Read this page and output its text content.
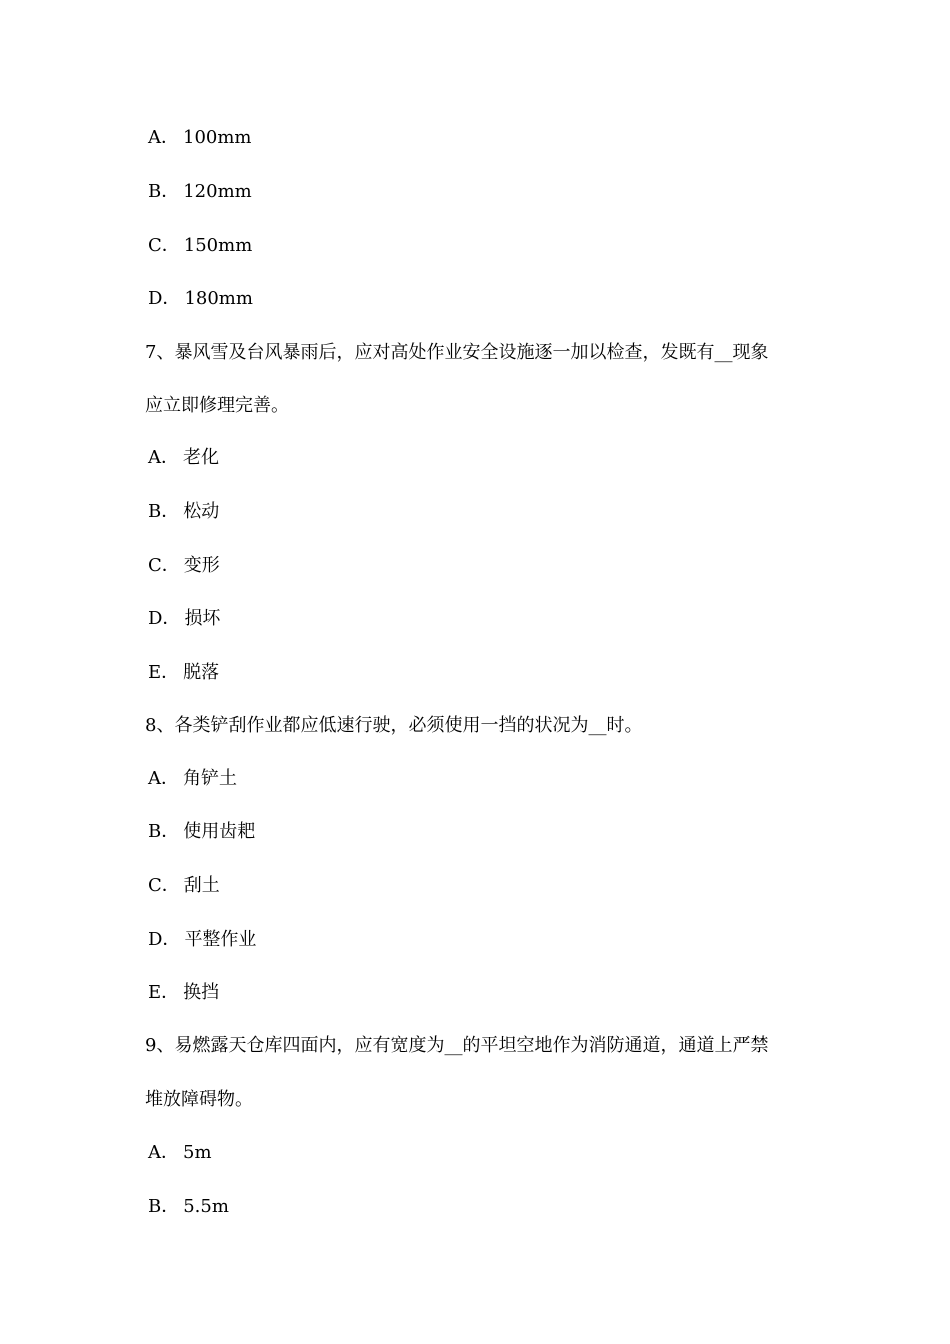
A． 100mm
B． 120mm
C． 150mm
D． 180mm
7、暴风雪及台风暴雨后，应对高处作业安全设施逐一加以检查，发既有__现象
应立即修理完善。
A． 老化
B． 松动
C． 变形
D． 损坏
E． 脱落
8、各类铲刮作业都应低速行驶，必须使用一挡的状况为__时。
A． 角铲土
B． 使用齿耙
C． 刮土
D． 平整作业
E． 换挡
9、易燃露天仓库四面内，应有宽度为__的平坦空地作为消防通道，通道上严禁
堆放障碍物。
A． 5m
B． 5.5m
